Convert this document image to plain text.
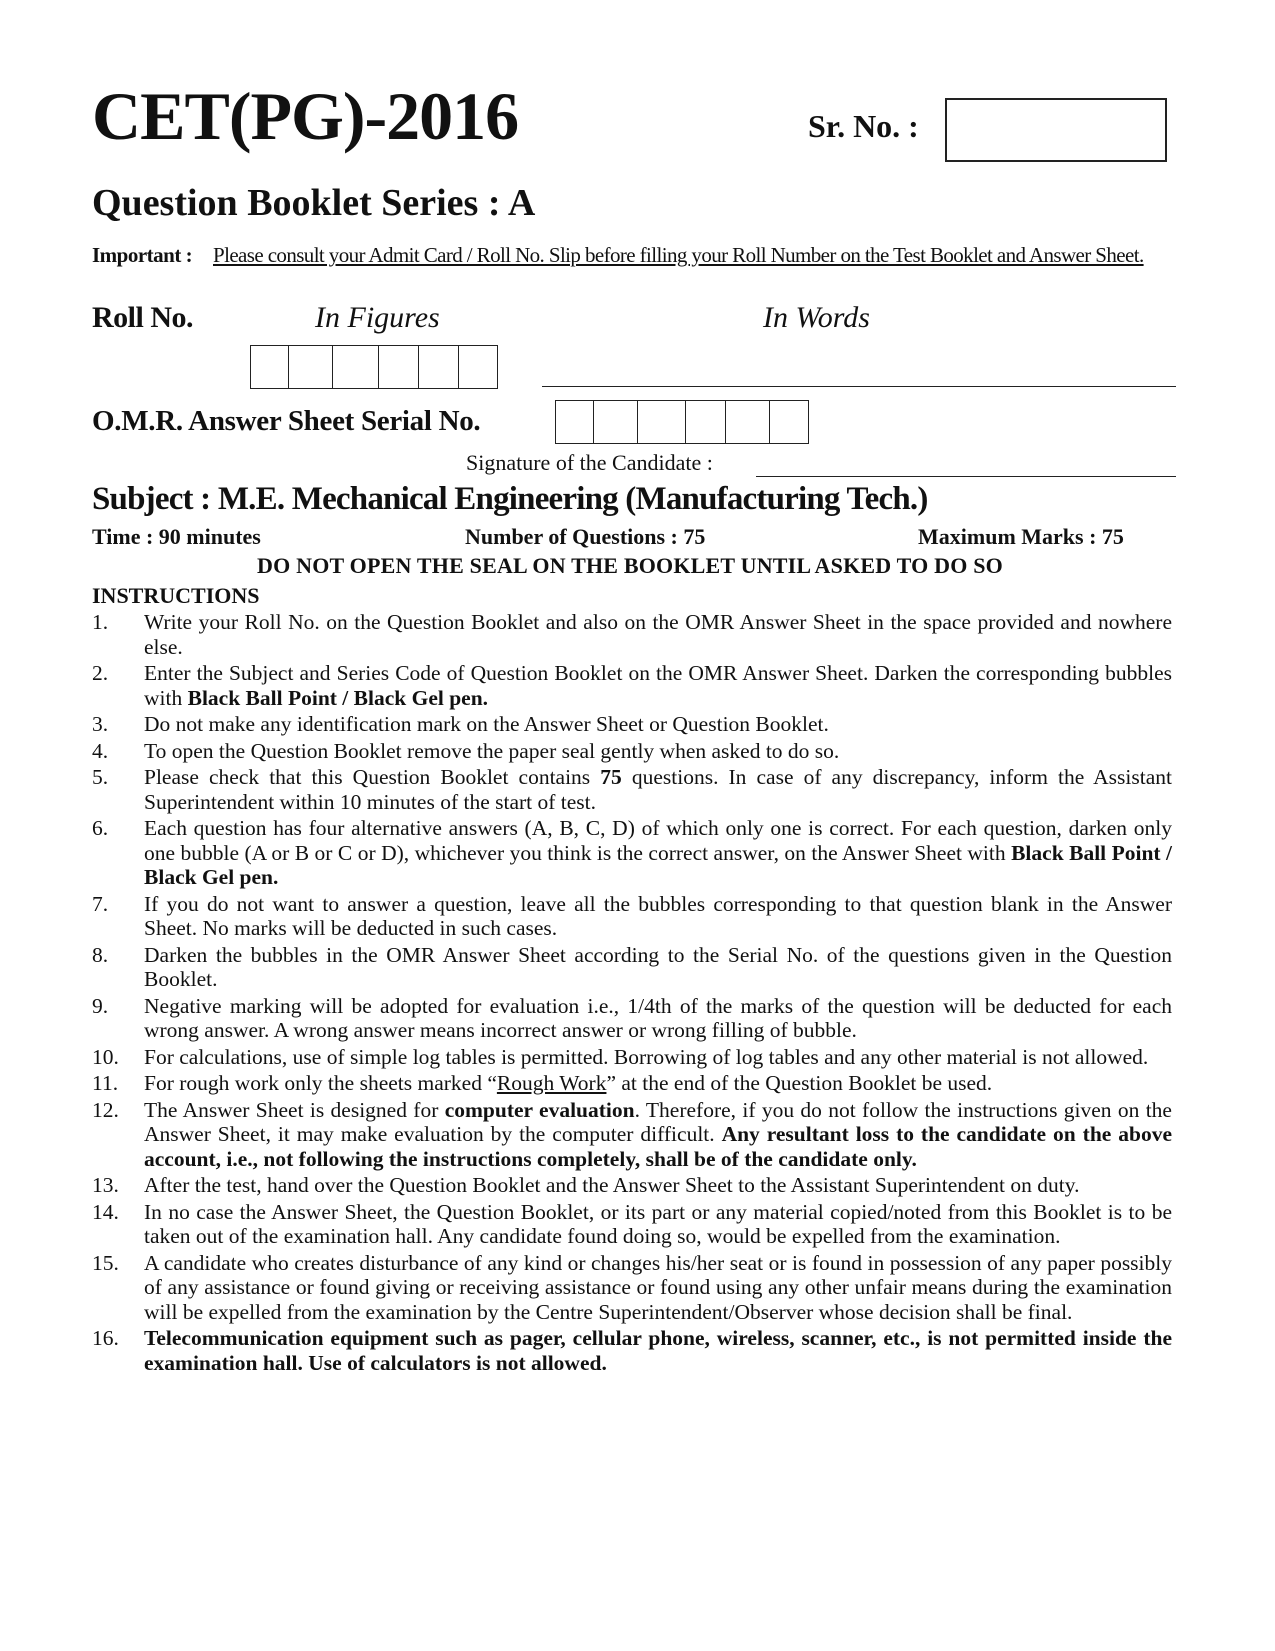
CET(PG)-2016	Sr. No. :
Question Booklet Series : A
Important : Please consult your Admit Card / Roll No. Slip before filling your Roll Number on the Test Booklet and Answer Sheet.
Roll No.	In Figures	In Words
O.M.R. Answer Sheet Serial No.
Signature of the Candidate :
Subject : M.E. Mechanical Engineering (Manufacturing Tech.)
Time : 90 minutes	Number of Questions : 75	Maximum Marks : 75
DO NOT OPEN THE SEAL ON THE BOOKLET UNTIL ASKED TO DO SO
INSTRUCTIONS
1. Write your Roll No. on the Question Booklet and also on the OMR Answer Sheet in the space provided and nowhere else.
2. Enter the Subject and Series Code of Question Booklet on the OMR Answer Sheet. Darken the corresponding bubbles with Black Ball Point / Black Gel pen.
3. Do not make any identification mark on the Answer Sheet or Question Booklet.
4. To open the Question Booklet remove the paper seal gently when asked to do so.
5. Please check that this Question Booklet contains 75 questions. In case of any discrepancy, inform the Assistant Superintendent within 10 minutes of the start of test.
6. Each question has four alternative answers (A, B, C, D) of which only one is correct. For each question, darken only one bubble (A or B or C or D), whichever you think is the correct answer, on the Answer Sheet with Black Ball Point / Black Gel pen.
7. If you do not want to answer a question, leave all the bubbles corresponding to that question blank in the Answer Sheet. No marks will be deducted in such cases.
8. Darken the bubbles in the OMR Answer Sheet according to the Serial No. of the questions given in the Question Booklet.
9. Negative marking will be adopted for evaluation i.e., 1/4th of the marks of the question will be deducted for each wrong answer. A wrong answer means incorrect answer or wrong filling of bubble.
10. For calculations, use of simple log tables is permitted. Borrowing of log tables and any other material is not allowed.
11. For rough work only the sheets marked “Rough Work” at the end of the Question Booklet be used.
12. The Answer Sheet is designed for computer evaluation. Therefore, if you do not follow the instructions given on the Answer Sheet, it may make evaluation by the computer difficult. Any resultant loss to the candidate on the above account, i.e., not following the instructions completely, shall be of the candidate only.
13. After the test, hand over the Question Booklet and the Answer Sheet to the Assistant Superintendent on duty.
14. In no case the Answer Sheet, the Question Booklet, or its part or any material copied/noted from this Booklet is to be taken out of the examination hall. Any candidate found doing so, would be expelled from the examination.
15. A candidate who creates disturbance of any kind or changes his/her seat or is found in possession of any paper possibly of any assistance or found giving or receiving assistance or found using any other unfair means during the examination will be expelled from the examination by the Centre Superintendent/Observer whose decision shall be final.
16. Telecommunication equipment such as pager, cellular phone, wireless, scanner, etc., is not permitted inside the examination hall. Use of calculators is not allowed.
